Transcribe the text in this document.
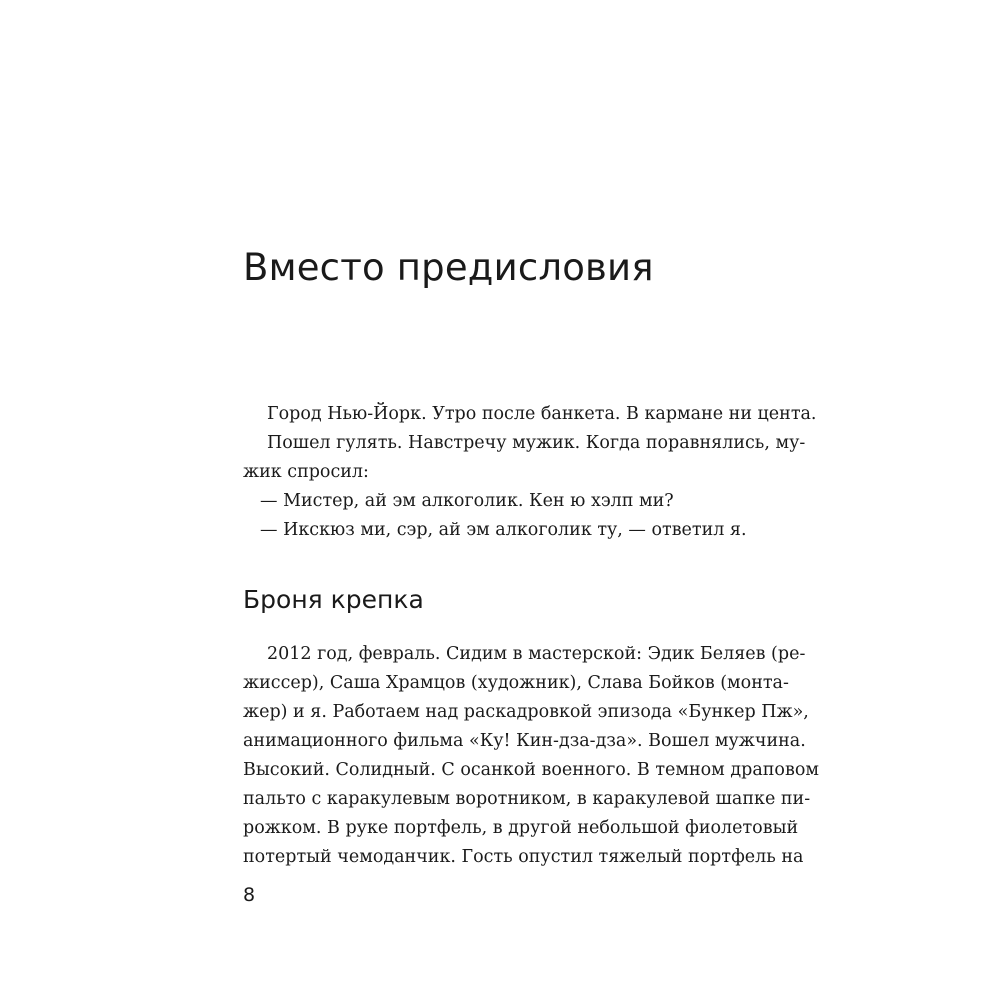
Вместо предисловия
Город Нью-Йорк. Утро после банкета. В кармане ни цента.
Пошел гулять. Навстречу мужик. Когда поравнялись, му-
жик спросил:
— Мистер, ай эм алкоголик. Кен ю хэлп ми?
— Икскюз ми, сэр, ай эм алкоголик ту, — ответил я.
Броня крепка
2012 год, февраль. Сидим в мастерской: Эдик Беляев (ре-
жиссер), Саша Храмцов (художник), Слава Бойков (монта-
жер) и я. Работаем над раскадровкой эпизода «Бункер Пж»,
анимационного фильма «Ку! Кин-дза-дза». Вошел мужчина.
Высокий. Солидный. С осанкой военного. В темном драповом
пальто с каракулевым воротником, в каракулевой шапке пи-
рожком. В руке портфель, в другой небольшой фиолетовый
потертый чемоданчик. Гость опустил тяжелый портфель на
8
